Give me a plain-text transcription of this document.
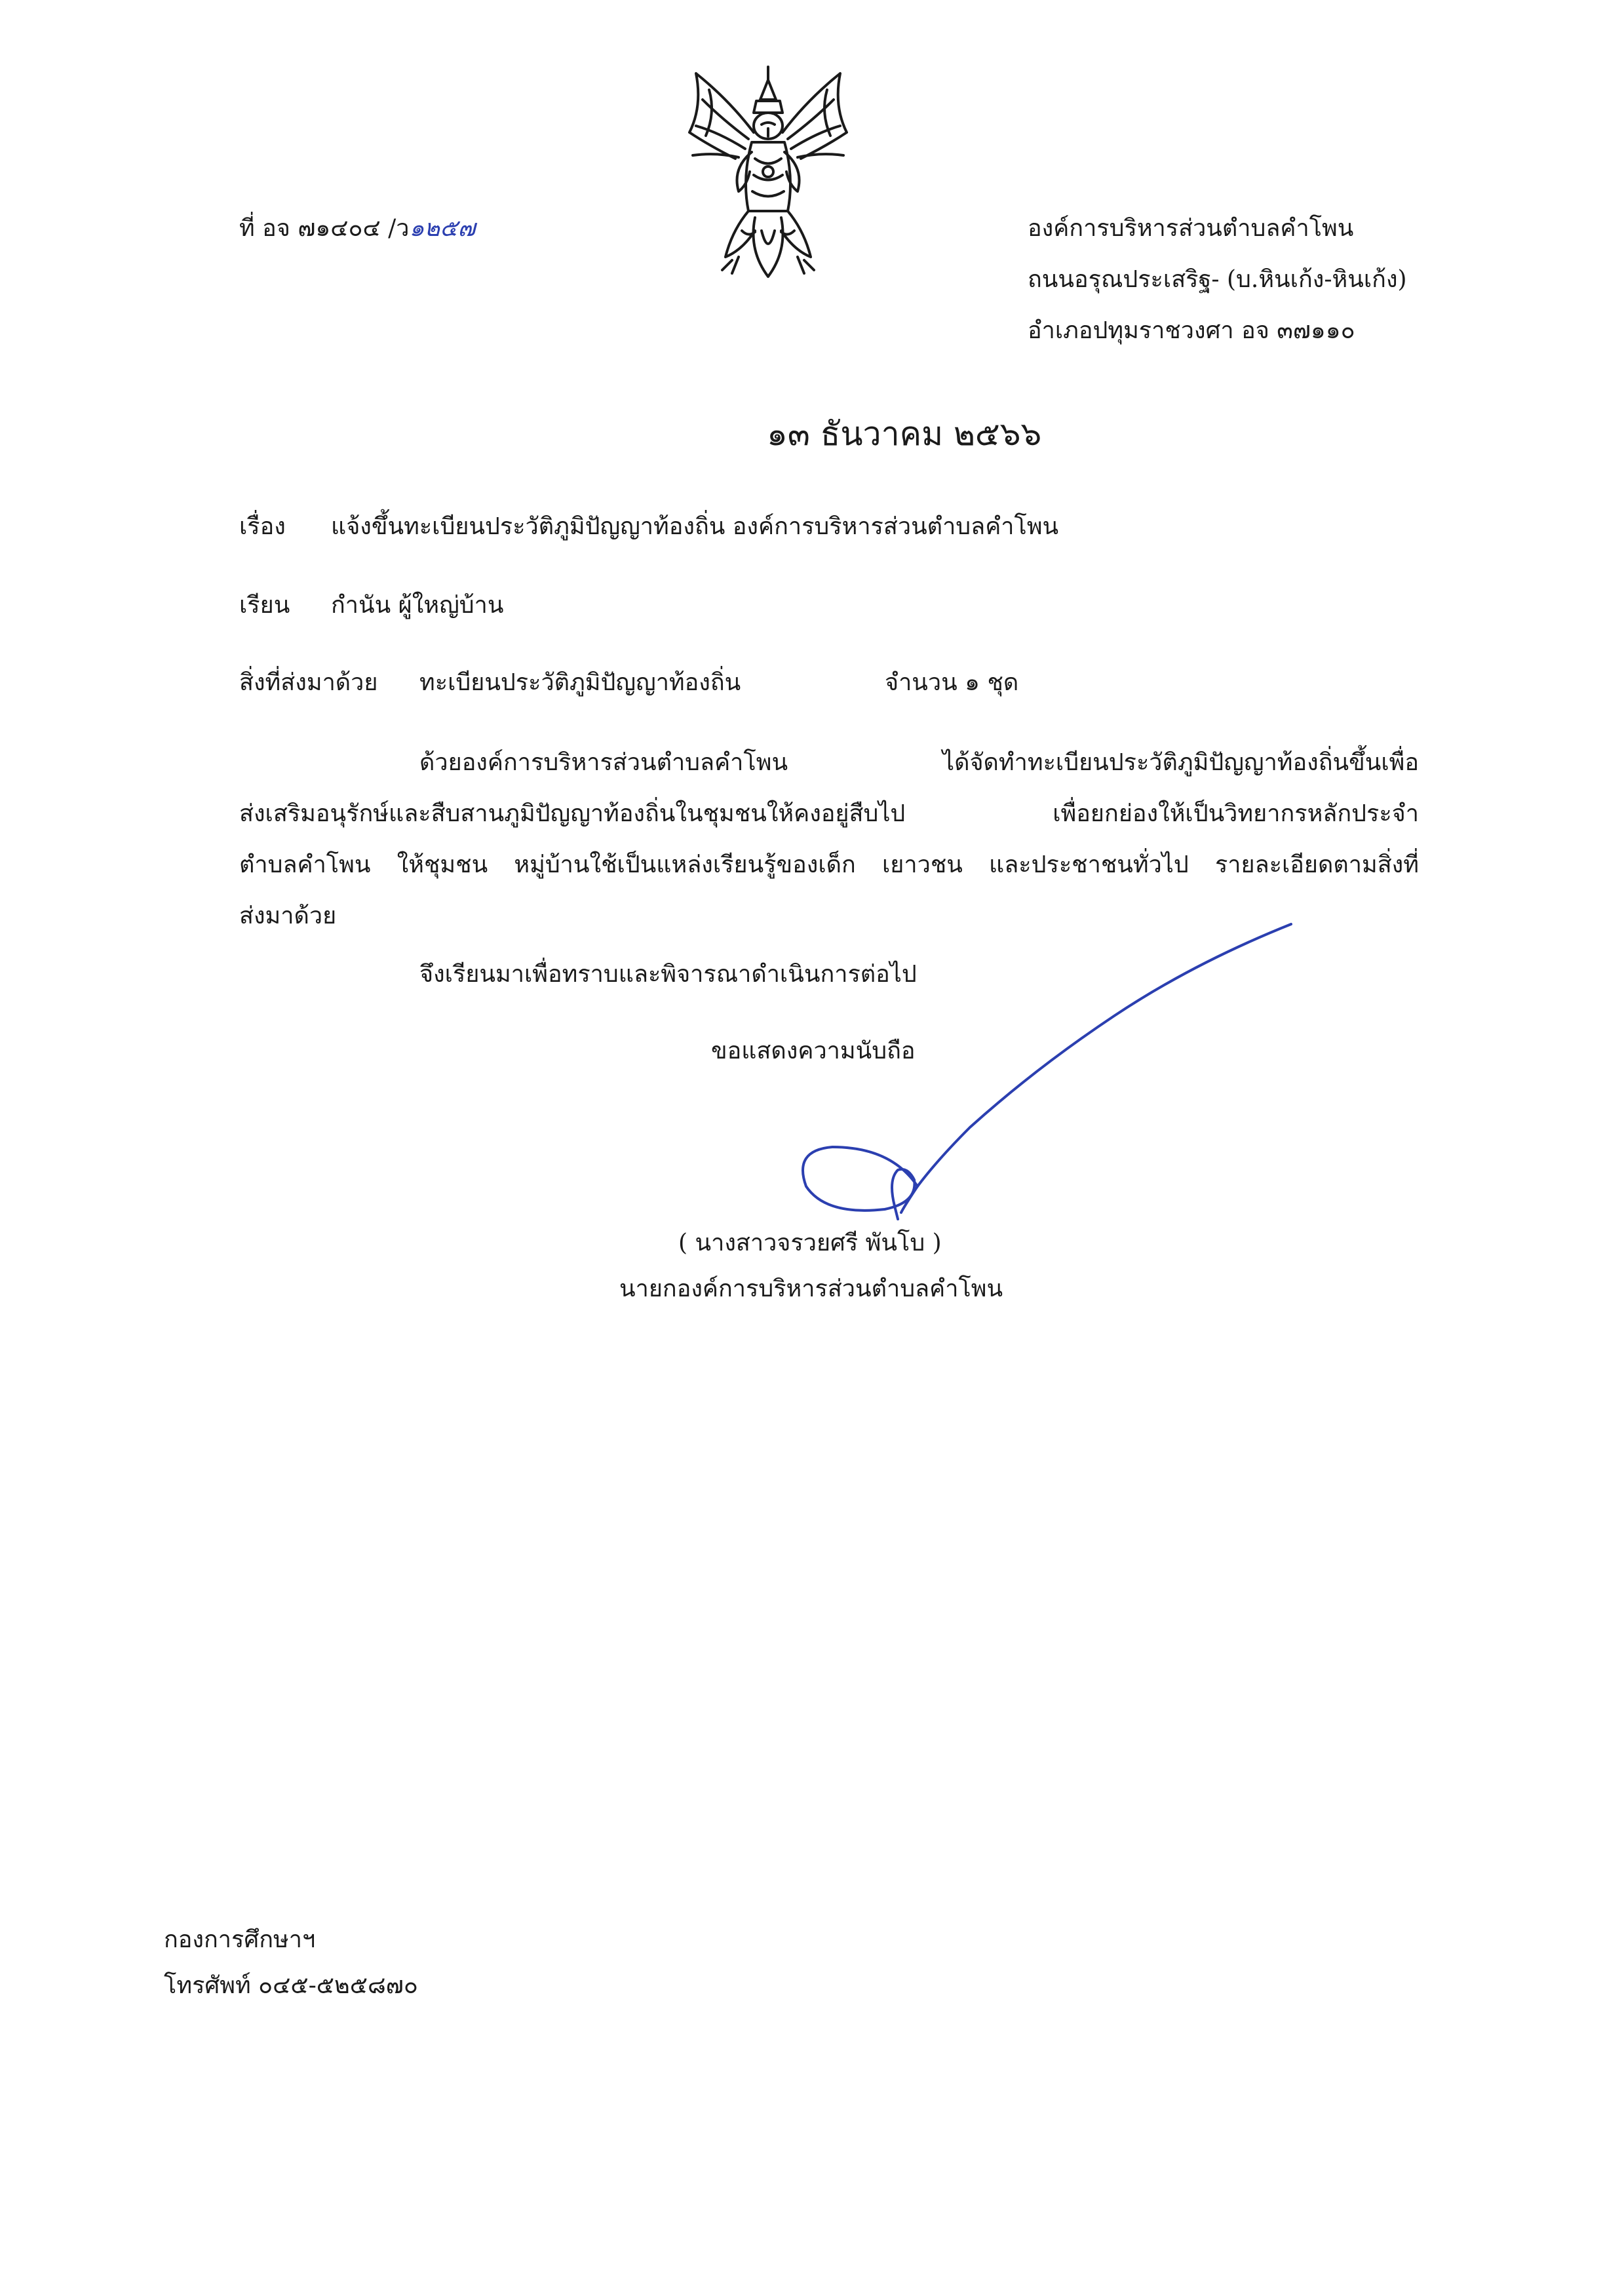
ที่ อจ ๗๑๔๐๔ /ว๑๒๕๗	องค์การบริหารส่วนตำบลคำโพน

ถนนอรุณประเสริฐ- (บ.หินเก้ง-หินเก้ง)

อำเภอปทุมราชวงศา อจ ๓๗๑๑๐

๑๓ ธันวาคม ๒๕๖๖

เรื่อง แจ้งขึ้นทะเบียนประวัติภูมิปัญญาท้องถิ่น องค์การบริหารส่วนตำบลคำโพน

เรียน กำนัน ผู้ใหญ่บ้าน

สิ่งที่ส่งมาด้วย ทะเบียนประวัติภูมิปัญญาท้องถิ่น	จำนวน ๑ ชุด

ด้วยองค์การบริหารส่วนตำบลคำโพน ได้จัดทำทะเบียนประวัติภูมิปัญญาท้องถิ่นขึ้นเพื่อ
ส่งเสริมอนุรักษ์และสืบสานภูมิปัญญาท้องถิ่นในชุมชนให้คงอยู่สืบไป เพื่อยกย่องให้เป็นวิทยากรหลักประจำ
ตำบลคำโพน ให้ชุมชน หมู่บ้านใช้เป็นแหล่งเรียนรู้ของเด็ก เยาวชน และประชาชนทั่วไป รายละเอียดตามสิ่งที่
ส่งมาด้วย

จึงเรียนมาเพื่อทราบและพิจารณาดำเนินการต่อไป

ขอแสดงความนับถือ

( นางสาวจรวยศรี พันโบ )

นายกองค์การบริหารส่วนตำบลคำโพน

กองการศึกษาฯ

โทรศัพท์ ๐๔๕-๕๒๕๘๗๐
